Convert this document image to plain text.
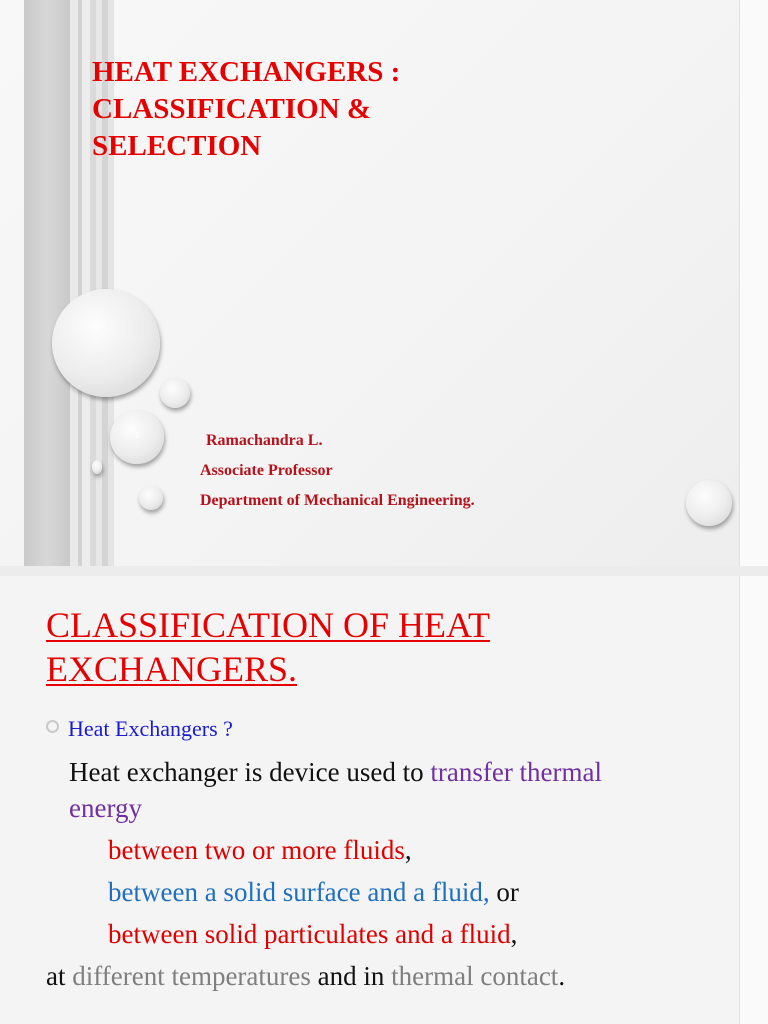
HEAT EXCHANGERS :
CLASSIFICATION &
SELECTION
1	Ramachandra L.
Associate Professor
Department of Mechanical Engineering.
CLASSIFICATION OF HEAT
EXCHANGERS.
Heat Exchangers ?
Heat exchanger is device used to transfer thermal
energy
between two or more fluids,
between a solid surface and a fluid, or
between solid particulates and a fluid,
at different temperatures and in thermal contact.
